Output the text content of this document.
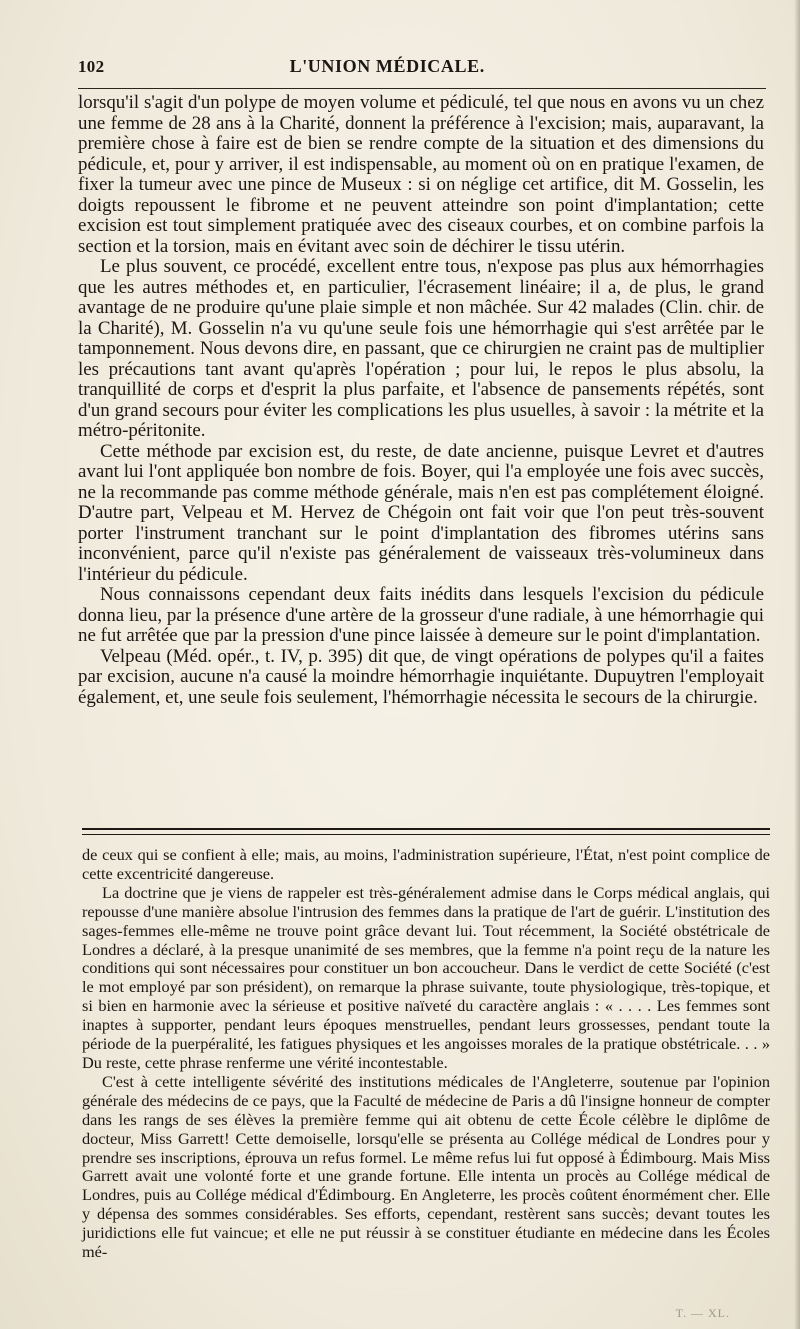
102	L'UNION MÉDICALE.

lorsqu'il s'agit d'un polype de moyen volume et pédiculé, tel que nous en avons vu un chez une femme de 28 ans à la Charité, donnent la préférence à l'excision; mais, auparavant, la première chose à faire est de bien se rendre compte de la situation et des dimensions du pédicule, et, pour y arriver, il est indispensable, au moment où on en pratique l'examen, de fixer la tumeur avec une pince de Museux : si on néglige cet artifice, dit M. Gosselin, les doigts repoussent le fibrome et ne peuvent atteindre son point d'implantation; cette excision est tout simplement pratiquée avec des ciseaux courbes, et on combine parfois la section et la torsion, mais en évitant avec soin de déchirer le tissu utérin.

Le plus souvent, ce procédé, excellent entre tous, n'expose pas plus aux hémorrhagies que les autres méthodes et, en particulier, l'écrasement linéaire; il a, de plus, le grand avantage de ne produire qu'une plaie simple et non mâchée. Sur 42 malades (Clin. chir. de la Charité), M. Gosselin n'a vu qu'une seule fois une hémorrhagie qui s'est arrêtée par le tamponnement. Nous devons dire, en passant, que ce chirurgien ne craint pas de multiplier les précautions tant avant qu'après l'opération ; pour lui, le repos le plus absolu, la tranquillité de corps et d'esprit la plus parfaite, et l'absence de pansements répétés, sont d'un grand secours pour éviter les complications les plus usuelles, à savoir : la métrite et la métro-péritonite.

Cette méthode par excision est, du reste, de date ancienne, puisque Levret et d'autres avant lui l'ont appliquée bon nombre de fois. Boyer, qui l'a employée une fois avec succès, ne la recommande pas comme méthode générale, mais n'en est pas complétement éloigné. D'autre part, Velpeau et M. Hervez de Chégoin ont fait voir que l'on peut très-souvent porter l'instrument tranchant sur le point d'implantation des fibromes utérins sans inconvénient, parce qu'il n'existe pas généralement de vaisseaux très-volumineux dans l'intérieur du pédicule.

Nous connaissons cependant deux faits inédits dans lesquels l'excision du pédicule donna lieu, par la présence d'une artère de la grosseur d'une radiale, à une hémorrhagie qui ne fut arrêtée que par la pression d'une pince laissée à demeure sur le point d'implantation.

Velpeau (Méd. opér., t. IV, p. 395) dit que, de vingt opérations de polypes qu'il a faites par excision, aucune n'a causé la moindre hémorrhagie inquiétante. Dupuytren l'employait également, et, une seule fois seulement, l'hémorrhagie nécessita le secours de la chirurgie.

de ceux qui se confient à elle; mais, au moins, l'administration supérieure, l'État, n'est point complice de cette excentricité dangereuse.

La doctrine que je viens de rappeler est très-généralement admise dans le Corps médical anglais, qui repousse d'une manière absolue l'intrusion des femmes dans la pratique de l'art de guérir. L'institution des sages-femmes elle-même ne trouve point grâce devant lui. Tout récemment, la Société obstétricale de Londres a déclaré, à la presque unanimité de ses membres, que la femme n'a point reçu de la nature les conditions qui sont nécessaires pour constituer un bon accoucheur. Dans le verdict de cette Société (c'est le mot employé par son président), on remarque la phrase suivante, toute physiologique, très-topique, et si bien en harmonie avec la sérieuse et positive naïveté du caractère anglais : « . . . . Les femmes sont inaptes à supporter, pendant leurs époques menstruelles, pendant leurs grossesses, pendant toute la période de la puerpéralité, les fatigues physiques et les angoisses morales de la pratique obstétricale. . . » Du reste, cette phrase renferme une vérité incontestable.

C'est à cette intelligente sévérité des institutions médicales de l'Angleterre, soutenue par l'opinion générale des médecins de ce pays, que la Faculté de médecine de Paris a dû l'insigne honneur de compter dans les rangs de ses élèves la première femme qui ait obtenu de cette École célèbre le diplôme de docteur, Miss Garrett! Cette demoiselle, lorsqu'elle se présenta au Collége médical de Londres pour y prendre ses inscriptions, éprouva un refus formel. Le même refus lui fut opposé à Édimbourg. Mais Miss Garrett avait une volonté forte et une grande fortune. Elle intenta un procès au Collége médical de Londres, puis au Collége médical d'Édimbourg. En Angleterre, les procès coûtent énormément cher. Elle y dépensa des sommes considérables. Ses efforts, cependant, restèrent sans succès; devant toutes les juridictions elle fut vaincue; et elle ne put réussir à se constituer étudiante en médecine dans les Écoles mé-

T. — XL.
